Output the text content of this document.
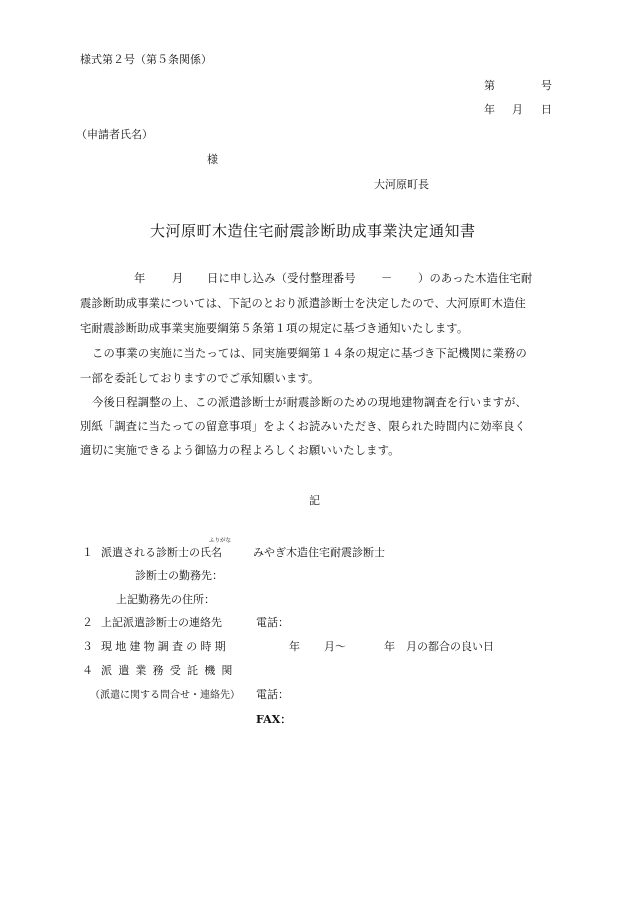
様式第２号（第５条関係）
第	号
年 月 日
（申請者氏名）
様
大河原町長
大河原町木造住宅耐震診断助成事業決定通知書
年 月 日に申し込み（受付整理番号 － ）のあった木造住宅耐
震診断助成事業については、下記のとおり派遣診断士を決定したので、大河原町木造住
宅耐震診断助成事業実施要綱第５条第１項の規定に基づき通知いたします。
この事業の実施に当たっては、同実施要綱第１４条の規定に基づき下記機関に業務の
一部を委託しておりますのでご承知願います。
今後日程調整の上、この派遣診断士が耐震診断のための現地建物調査を行いますが、
別紙「調査に当たっての留意事項」をよくお読みいただき、限られた時間内に効率良く
適切に実施できるよう御協力の程よろしくお願いいたします。
記
１ 派遣される診断士の氏名
ふりがな
みやぎ木造住宅耐震診断士
診断士の勤務先：
上記勤務先の住所：
２ 上記派遣診断士の連絡先	電話：
３ 現地建物調査の時期	年 月～	年 月の都合の良い日
４ 派遣業務受託機関
（派遣に関する問合せ・連絡先） 電話：
FAX：
